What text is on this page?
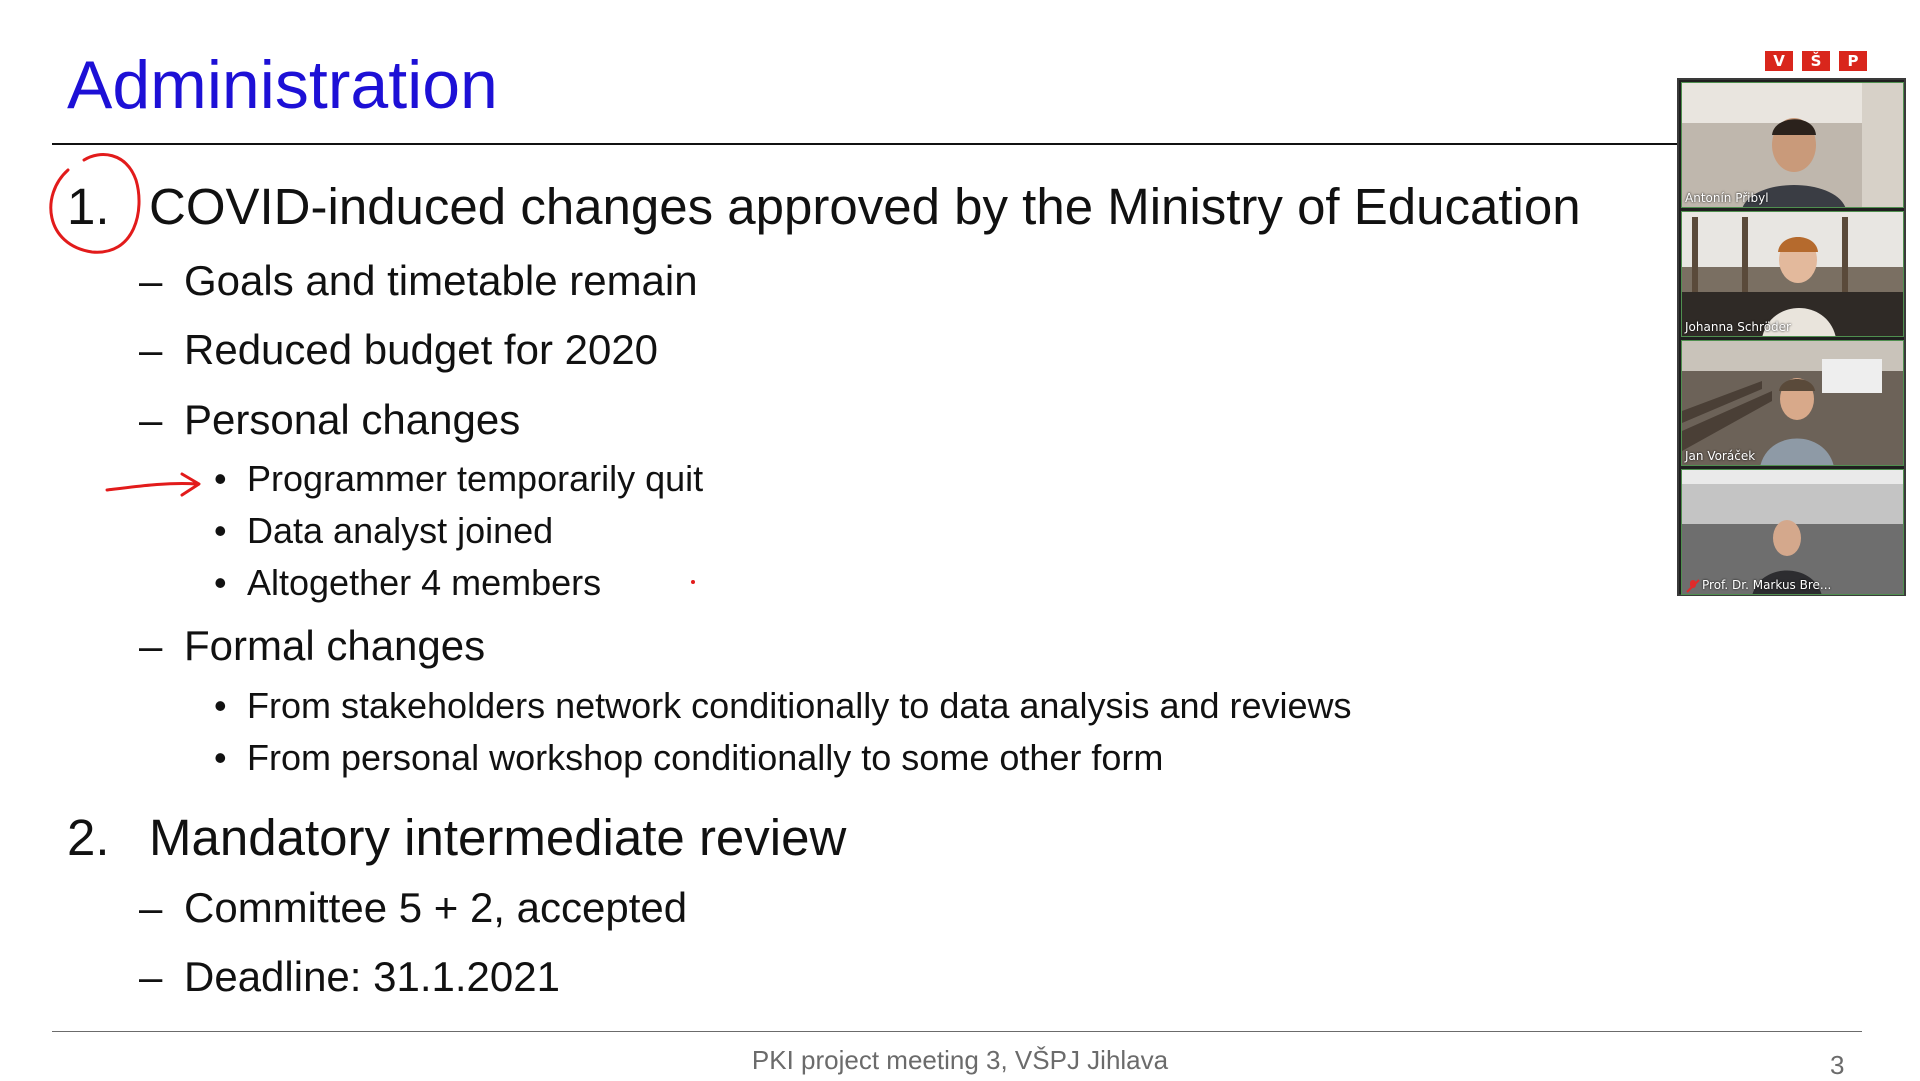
Administration
1. COVID-induced changes approved by the Ministry of Education
– Goals and timetable remain
– Reduced budget for 2020
– Personal changes
• Programmer temporarily quit
• Data analyst joined
• Altogether 4 members
– Formal changes
• From stakeholders network conditionally to data analysis and reviews
• From personal workshop conditionally to some other form
2. Mandatory intermediate review
– Committee 5 + 2, accepted
– Deadline: 31.1.2021
V	Š	P
PKI project meeting 3, VŠPJ Jihlava	3
Antonín Přibyl
Johanna Schröder
Jan Voráček
Prof. Dr. Markus Bre...
